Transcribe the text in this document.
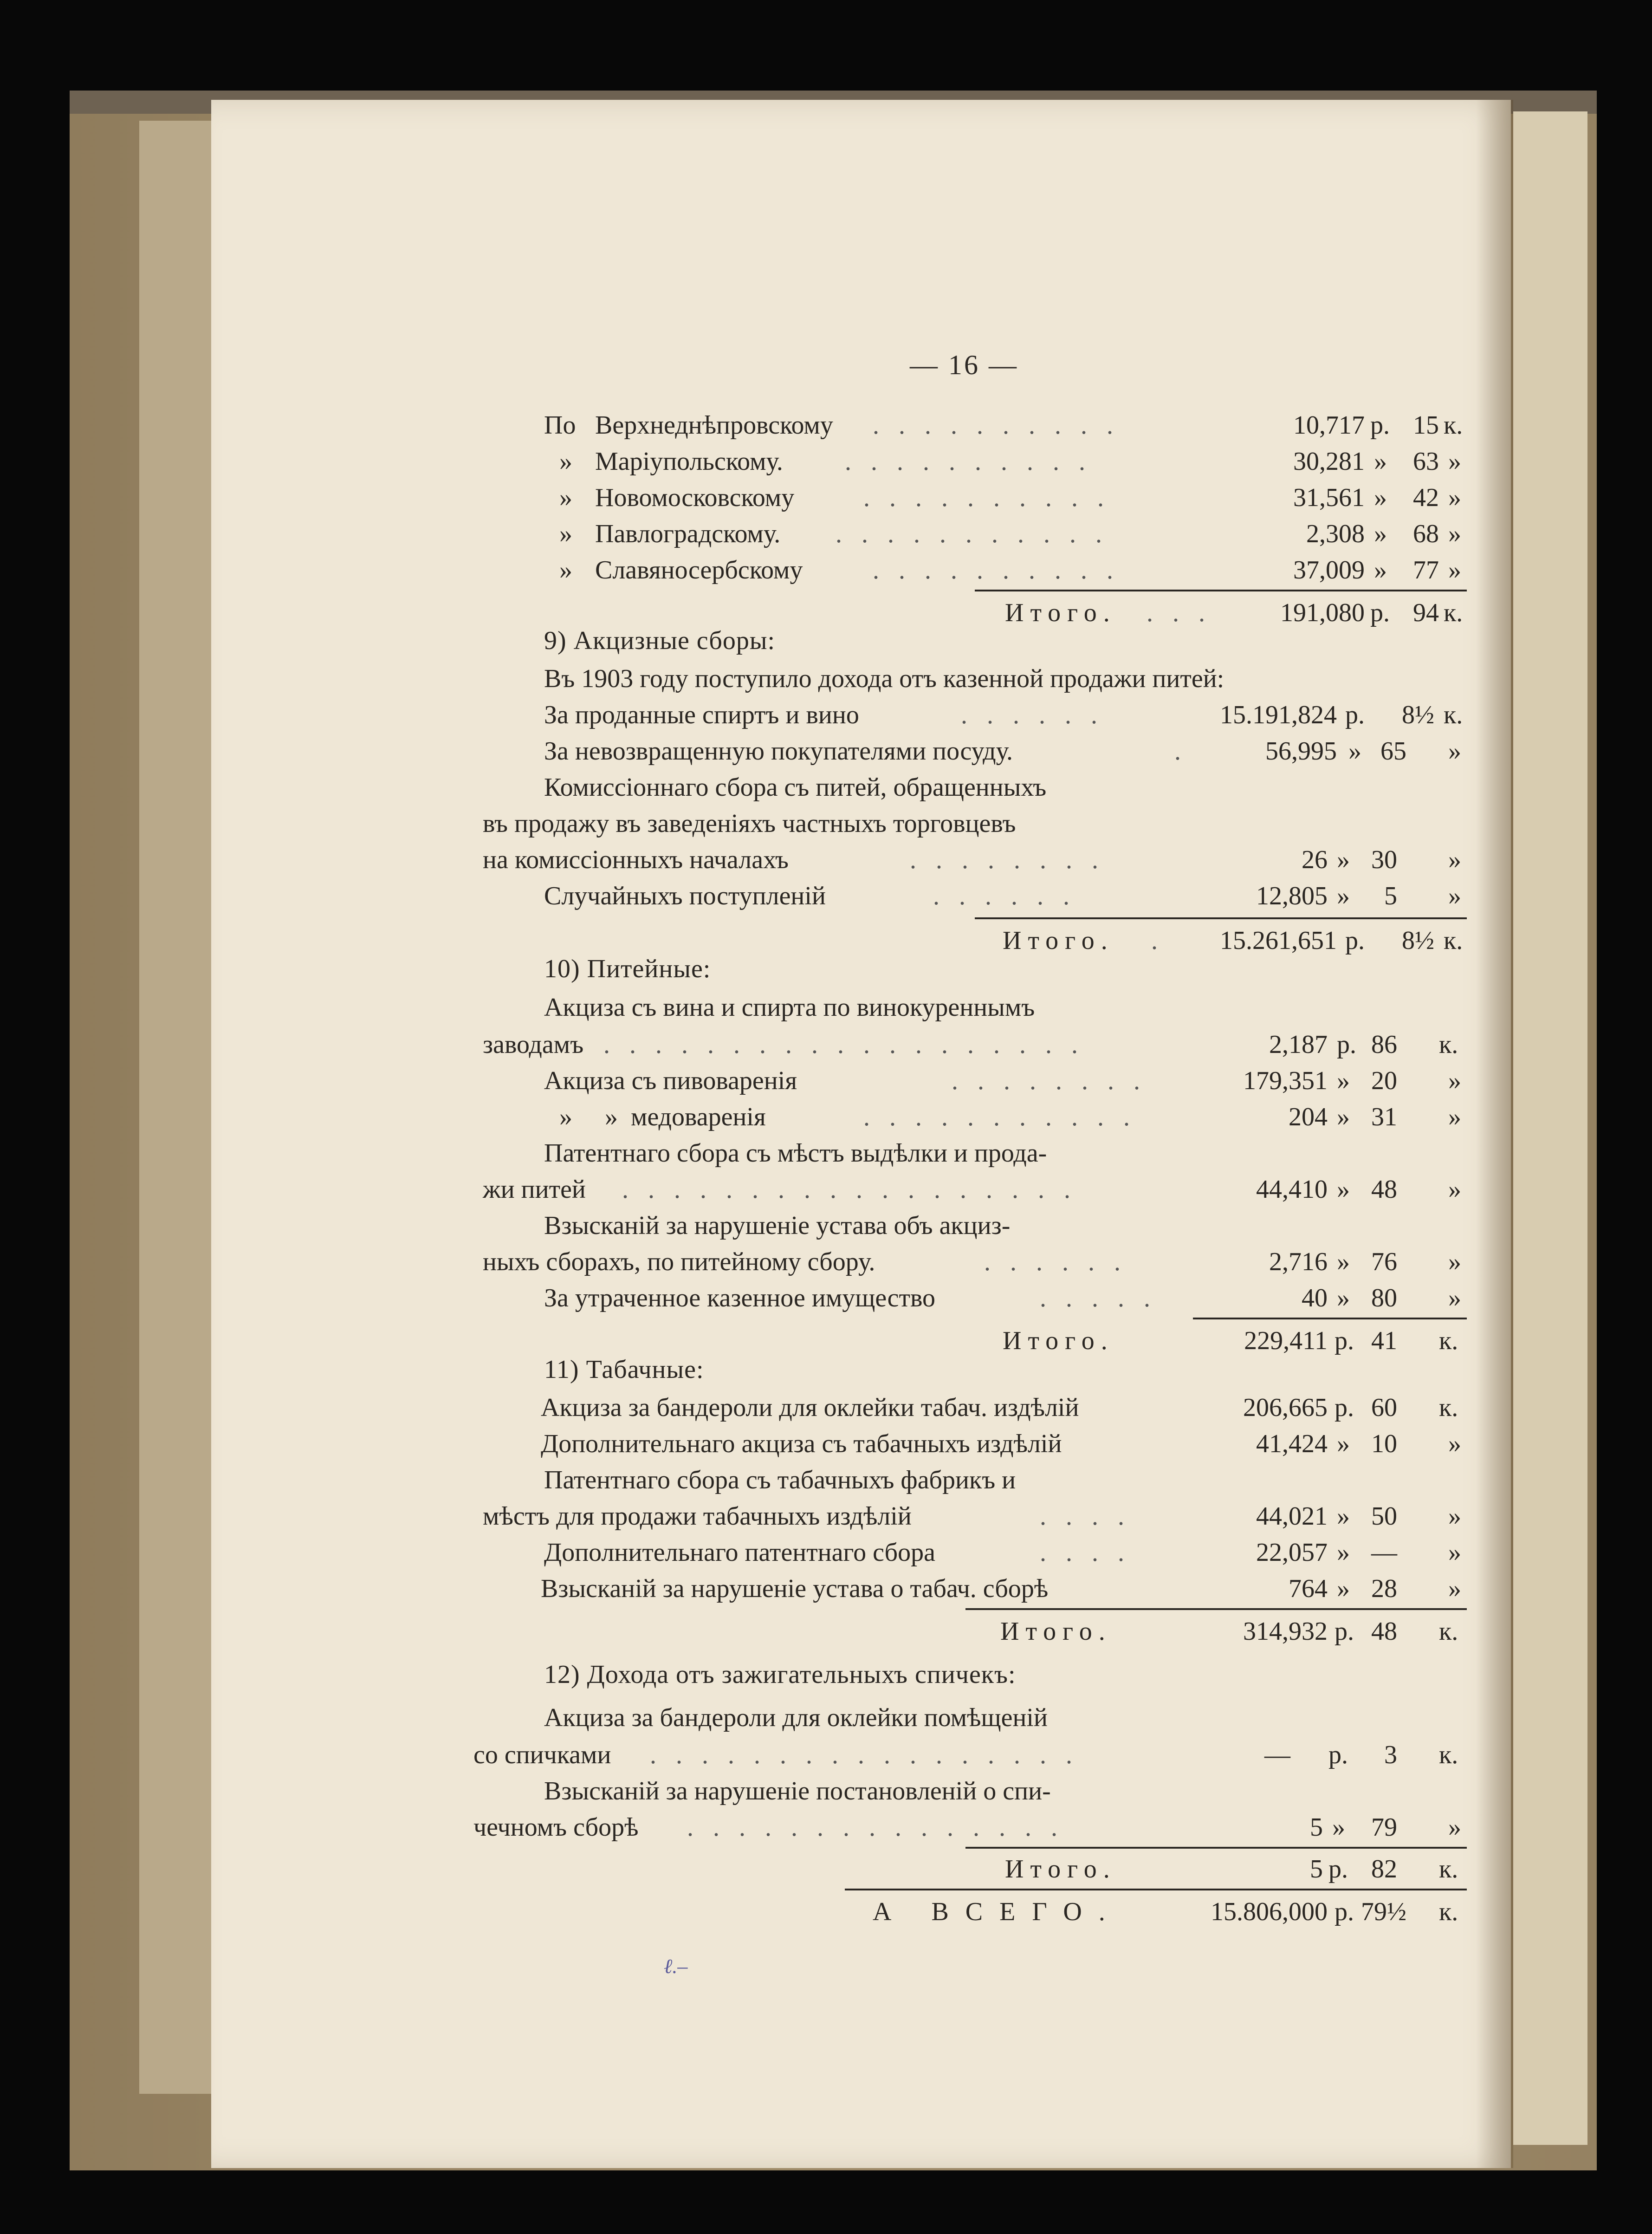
— 16 —
По Верхнеднѣпровскому . . . . . . . . . .	10,717 р. 15 к.
» Маріупольскому. . . . . . . . . . .	30,281 »	63 »
» Новомосковскому	. . . . . . . . . .	31,561 »	42 »
» Павлоградскому. . . . . . . . . . . .	2,308 »	68 »
» Славяносербскому	. . . . . . . . . .	37,009 »	77 »
Итого. . . .	191,080 р. 94 к.
9) Акцизные сборы:
Въ 1903 году поступило дохода отъ казенной продажи питей:
За проданные спиртъ и вино	. . . . . .	15.191,824 р.	8½ к.
За невозвращенную покупателями посуду.	.	56,995 » 65 »
Комиссіоннаго сбора съ питей, обращенныхъ
въ продажу въ заведеніяхъ частныхъ торговцевъ
на комиссіонныхъ началахъ	. . . . . . . .	26 » 30 »
Случайныхъ поступленій	. . . . . .	12,805 »	5 »
Итого. .	15.261,651 р.	8½ к.
10) Питейные:
Акциза съ вина и спирта по винокуреннымъ
заводамъ . . . . . . . . . . . . . . . . . . .	2,187 р. 86 к.
Акциза съ пивоваренія	. . . . . . . .	179,351 » 20 »
»     »  медоваренія	. . . . . . . . . . .	204 » 31 »
Патентнаго сбора съ мѣстъ выдѣлки и прода-
жи питей . . . . . . . . . . . . . . . . . .	44,410 » 48 »
Взысканій за нарушеніе устава объ акциз-
ныхъ сборахъ, по питейному сбору.	. . . . . .	2,716 » 76 »
За утраченное казенное имущество	. . . . .	40 » 80 »
Итого.	229,411 р. 41 к.
11) Табачные:
Акциза за бандероли для оклейки табач. издѣлій	206,665 р. 60 к.
Дополнительнаго акциза съ табачныхъ издѣлій	41,424 » 10 »
Патентнаго сбора съ табачныхъ фабрикъ и
мѣстъ для продажи табачныхъ издѣлій	. . . .	44,021 » 50 »
Дополнительнаго патентнаго сбора	. . . .	22,057 » — »
Взысканій за нарушеніе устава о табач. сборѣ	764 » 28 »
Итого.	314,932 р. 48 к.
12) Дохода отъ зажигательныхъ спичекъ:
Акциза за бандероли для оклейки помѣщеній
со спичками . . . . . . . . . . . . . . . . .	— р.	3 к.
Взысканій за нарушеніе постановленій о спи-
чечномъ сборѣ . . . . . . . . . . . . . . .	5 »	79 »
Итого.	5 р. 82 к.
А ВСЕГО.	15.806,000 р. 79½ к.
ℓ.–
